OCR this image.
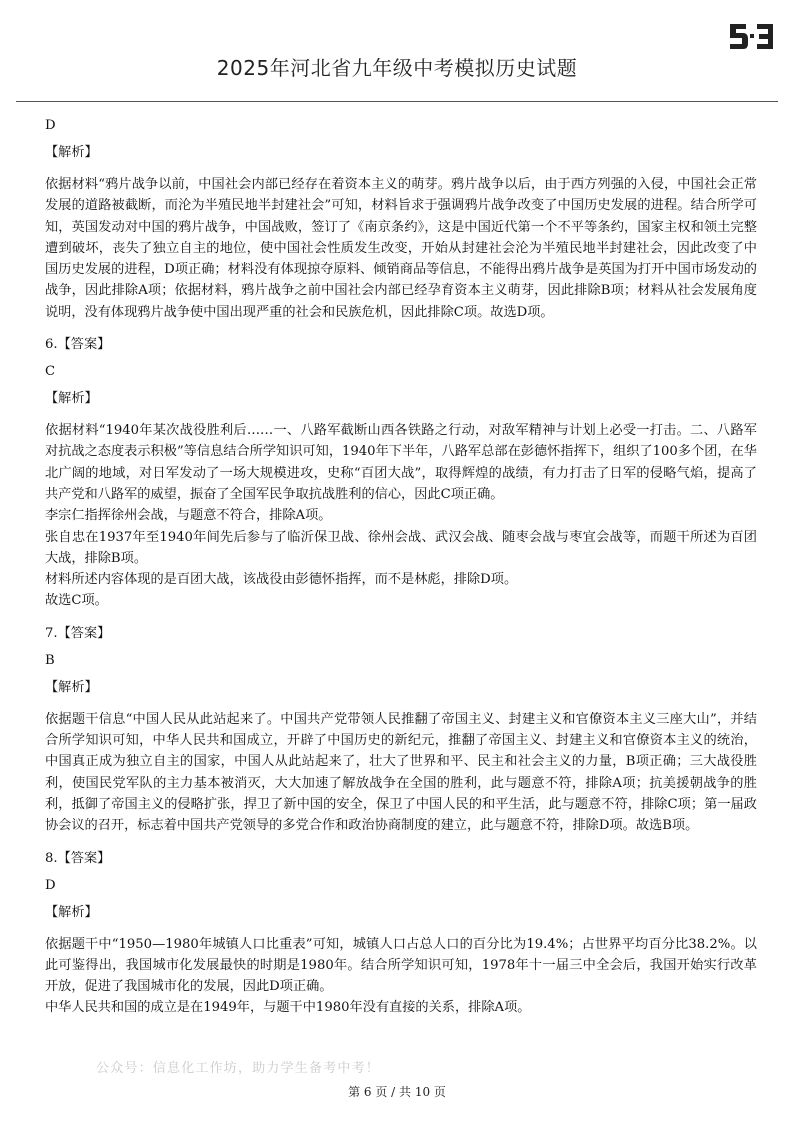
2025年河北省九年级中考模拟历史试题

D

【解析】

依据材料“鸦片战争以前，中国社会内部已经存在着资本主义的萌芽。鸦片战争以后，由于西方列强的入侵，中国社会正常发展的道路被截断，而沦为半殖民地半封建社会”可知，材料旨求于强调鸦片战争改变了中国历史发展的进程。结合所学可知，英国发动对中国的鸦片战争，中国战败，签订了《南京条约》，这是中国近代第一个不平等条约，国家主权和领土完整遭到破坏，丧失了独立自主的地位，使中国社会性质发生改变，开始从封建社会沦为半殖民地半封建社会，因此改变了中国历史发展的进程，D项正确；材料没有体现掠夺原料、倾销商品等信息，不能得出鸦片战争是英国为打开中国市场发动的战争，因此排除A项；依据材料，鸦片战争之前中国社会内部已经孕育资本主义萌芽，因此排除B项；材料从社会发展角度说明，没有体现鸦片战争使中国出现严重的社会和民族危机，因此排除C项。故选D项。

6.【答案】

C

【解析】

依据材料“1940年某次战役胜利后……一、八路军截断山西各铁路之行动，对敌军精神与计划上必受一打击。二、八路军对抗战之态度表示积极”等信息结合所学知识可知，1940年下半年，八路军总部在彭德怀指挥下，组织了100多个团，在华北广阔的地域，对日军发动了一场大规模进攻，史称“百团大战”，取得辉煌的战绩，有力打击了日军的侵略气焰，提高了共产党和八路军的威望，振奋了全国军民争取抗战胜利的信心，因此C项正确。

李宗仁指挥徐州会战，与题意不符合，排除A项。

张自忠在1937年至1940年间先后参与了临沂保卫战、徐州会战、武汉会战、随枣会战与枣宜会战等，而题干所述为百团大战，排除B项。

材料所述内容体现的是百团大战，该战役由彭德怀指挥，而不是林彪，排除D项。

故选C项。

7.【答案】

B

【解析】

依据题干信息“中国人民从此站起来了。中国共产党带领人民推翻了帝国主义、封建主义和官僚资本主义三座大山”，并结合所学知识可知，中华人民共和国成立，开辟了中国历史的新纪元，推翻了帝国主义、封建主义和官僚资本主义的统治，中国真正成为独立自主的国家，中国人从此站起来了，壮大了世界和平、民主和社会主义的力量，B项正确；三大战役胜利，使国民党军队的主力基本被消灭，大大加速了解放战争在全国的胜利，此与题意不符，排除A项；抗美援朝战争的胜利，抵御了帝国主义的侵略扩张，捍卫了新中国的安全，保卫了中国人民的和平生活，此与题意不符，排除C项；第一届政协会议的召开，标志着中国共产党领导的多党合作和政治协商制度的建立，此与题意不符，排除D项。故选B项。

8.【答案】

D

【解析】

依据题干中“1950—1980年城镇人口比重表”可知，城镇人口占总人口的百分比为19.4%；占世界平均百分比38.2%。以此可鉴得出，我国城市化发展最快的时期是1980年。结合所学知识可知，1978年十一届三中全会后，我国开始实行改革开放，促进了我国城市化的发展，因此D项正确。

中华人民共和国的成立是在1949年，与题干中1980年没有直接的关系，排除A项。

公众号：信息化工作坊，助力学生备考中考！
第 6 页 / 共 10 页
